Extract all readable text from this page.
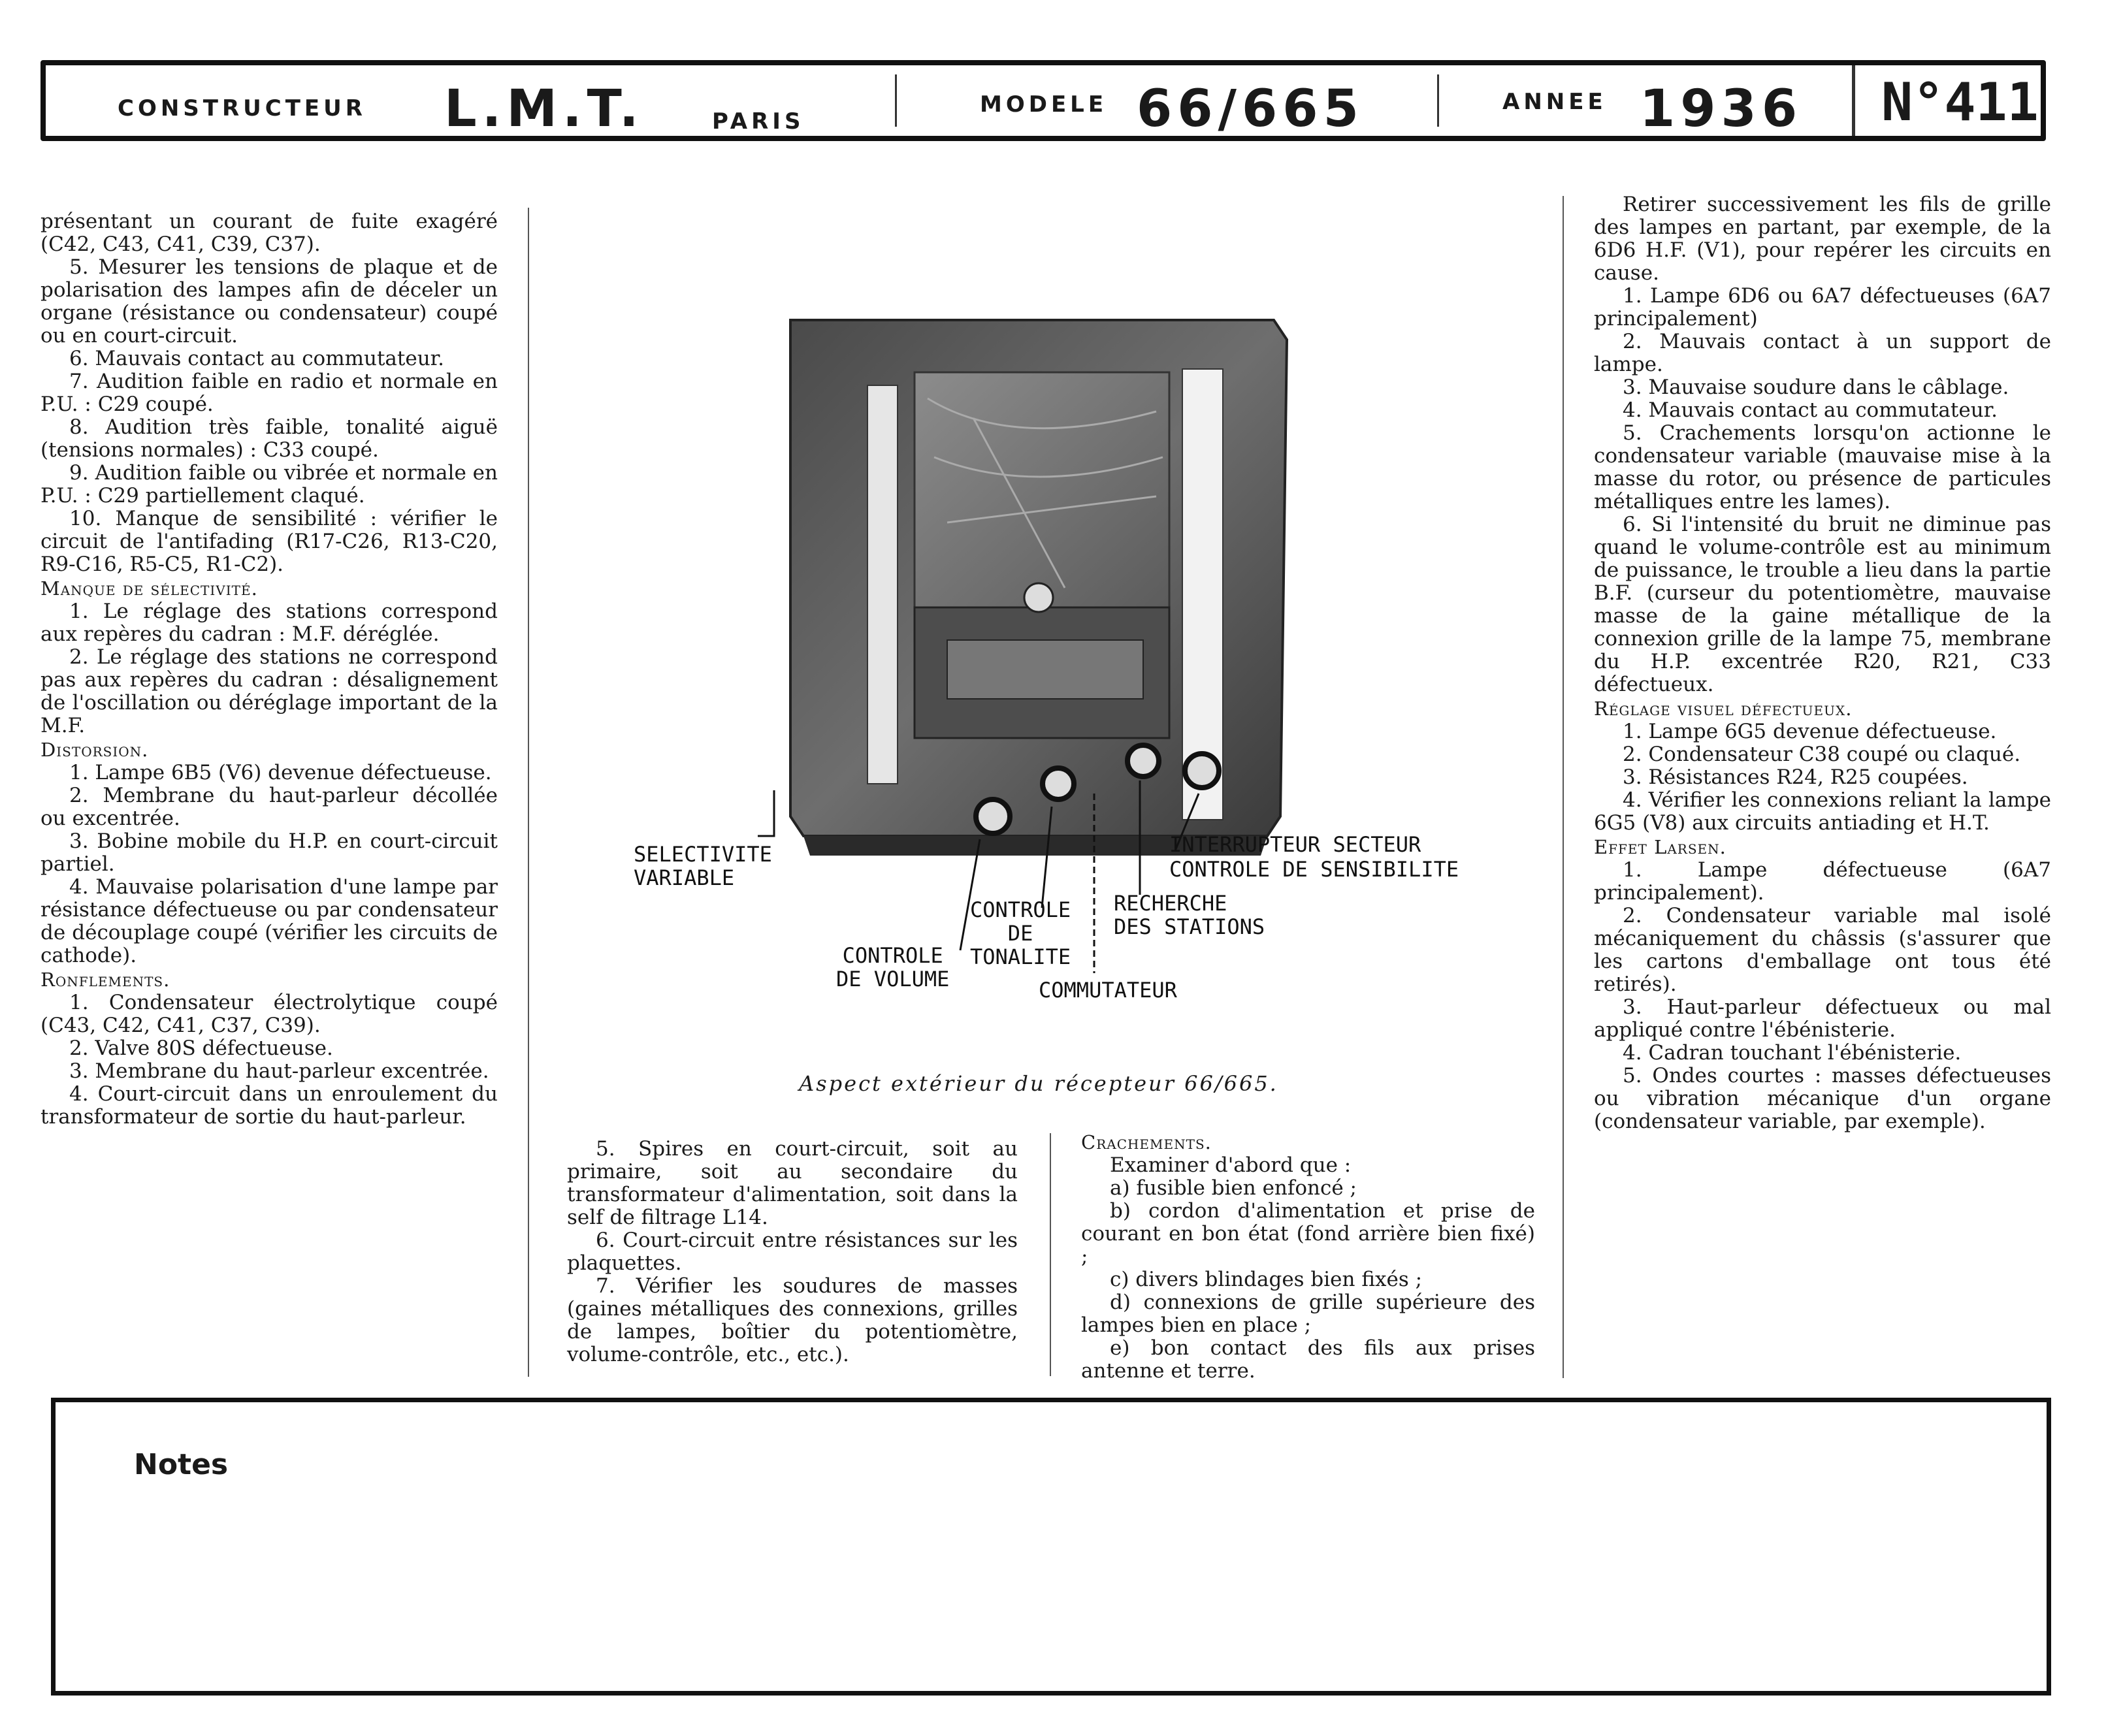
CONSTRUCTEUR L.M.T.	PARIS
MODELE 66/665	ANNEE 1936 N°411

présentant un courant de fuite exagéré (C42, C43, C41, C39, C37).

5. Mesurer les tensions de plaque et de polarisation des lampes afin de déceler un organe (résistance ou condensateur) coupé ou en court-circuit.

6. Mauvais contact au commutateur.

7. Audition faible en radio et normale en P.U. : C29 coupé.

8. Audition très faible, tonalité aiguë (tensions normales) : C33 coupé.

9. Audition faible ou vibrée et normale en P.U. : C29 partiellement claqué.

10. Manque de sensibilité : vérifier le circuit de l'antifading (R17-C26, R13-C20, R9-C16, R5-C5, R1-C2).

Manque de sélectivité.

1. Le réglage des stations correspond aux repères du cadran : M.F. déréglée.

2. Le réglage des stations ne correspond pas aux repères du cadran : désalignement de l'oscillation ou déréglage important de la M.F.

Distorsion.

1. Lampe 6B5 (V6) devenue défectueuse.

2. Membrane du haut-parleur décollée ou excentrée.

3. Bobine mobile du H.P. en court-circuit partiel.

4. Mauvaise polarisation d'une lampe par résistance défectueuse ou par condensateur de découplage coupé (vérifier les circuits de cathode).

Ronflements.

1. Condensateur électrolytique coupé (C43, C42, C41, C37, C39).

2. Valve 80S défectueuse.

3. Membrane du haut-parleur excentrée.

4. Court-circuit dans un enroulement du transformateur de sortie du haut-parleur.

SELECTIVITE
VARIABLE
CONTROLE
DE VOLUME
CONTROLE
DE
TONALITE
COMMUTATEUR
RECHERCHE
DES STATIONS
INTERRUPTEUR SECTEUR
CONTROLE DE SENSIBILITE
Aspect extérieur du récepteur 66/665.

5. Spires en court-circuit, soit au primaire, soit au secondaire du transformateur d'alimentation, soit dans la self de filtrage L14.

6. Court-circuit entre résistances sur les plaquettes.

7. Vérifier les soudures de masses (gaines métalliques des connexions, grilles de lampes, boîtier du potentiomètre, volume-contrôle, etc., etc.).

Crachements.

Examiner d'abord que :

a) fusible bien enfoncé ;

b) cordon d'alimentation et prise de courant en bon état (fond arrière bien fixé) ;

c) divers blindages bien fixés ;

d) connexions de grille supérieure des lampes bien en place ;

e) bon contact des fils aux prises antenne et terre.

Retirer successivement les fils de grille des lampes en partant, par exemple, de la 6D6 H.F. (V1), pour repérer les circuits en cause.

1. Lampe 6D6 ou 6A7 défectueuses (6A7 principalement)

2. Mauvais contact à un support de lampe.

3. Mauvaise soudure dans le câblage.

4. Mauvais contact au commutateur.

5. Crachements lorsqu'on actionne le condensateur variable (mauvaise mise à la masse du rotor, ou présence de particules métalliques entre les lames).

6. Si l'intensité du bruit ne diminue pas quand le volume-contrôle est au minimum de puissance, le trouble a lieu dans la partie B.F. (curseur du potentiomètre, mauvaise masse de la gaine métallique de la connexion grille de la lampe 75, membrane du H.P. excentrée R20, R21, C33 défectueux.

Réglage visuel défectueux.

1. Lampe 6G5 devenue défectueuse.

2. Condensateur C38 coupé ou claqué.

3. Résistances R24, R25 coupées.

4. Vérifier les connexions reliant la lampe 6G5 (V8) aux circuits antiading et H.T.

Effet Larsen.

1. Lampe défectueuse (6A7 principalement).

2. Condensateur variable mal isolé mécaniquement du châssis (s'assurer que les cartons d'emballage ont tous été retirés).

3. Haut-parleur défectueux ou mal appliqué contre l'ébénisterie.

4. Cadran touchant l'ébénisterie.

5. Ondes courtes : masses défectueuses ou vibration mécanique d'un organe (condensateur variable, par exemple).

Notes
